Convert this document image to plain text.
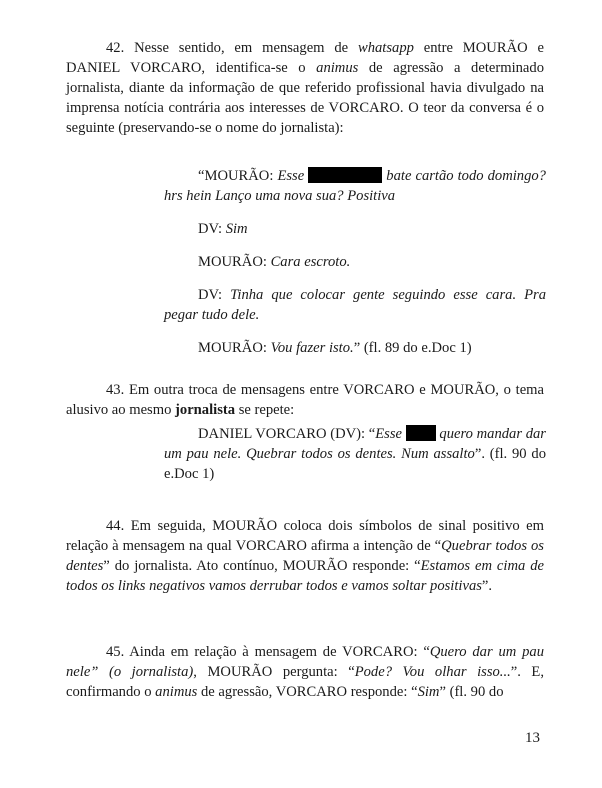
42. Nesse sentido, em mensagem de whatsapp entre MOURÃO e DANIEL VORCARO, identifica-se o animus de agressão a determinado jornalista, diante da informação de que referido profissional havia divulgado na imprensa notícia contrária aos interesses de VORCARO. O teor da conversa é o seguinte (preservando-se o nome do jornalista):
“MOURÃO: Esse	bate cartão todo domingo? hrs hein Lanço uma nova sua? Positiva
DV: Sim
MOURÃO: Cara escroto.
DV: Tinha que colocar gente seguindo esse cara. Pra pegar tudo dele.
MOURÃO: Vou fazer isto.” (fl. 89 do e.Doc 1)
43. Em outra troca de mensagens entre VORCARO e MOURÃO, o tema alusivo ao mesmo jornalista se repete:
DANIEL VORCARO (DV): “Esse  quero mandar dar um pau nele. Quebrar todos os dentes. Num assalto”. (fl. 90 do e.Doc 1)
44. Em seguida, MOURÃO coloca dois símbolos de sinal positivo em relação à mensagem na qual VORCARO afirma a intenção de “Quebrar todos os dentes” do jornalista. Ato contínuo, MOURÃO responde: “Estamos em cima de todos os links negativos vamos derrubar todos e vamos soltar positivas”.
45. Ainda em relação à mensagem de VORCARO: “Quero dar um pau nele” (o jornalista), MOURÃO pergunta: “Pode? Vou olhar isso...”. E, confirmando o animus de agressão, VORCARO responde: “Sim” (fl. 90 do
13
